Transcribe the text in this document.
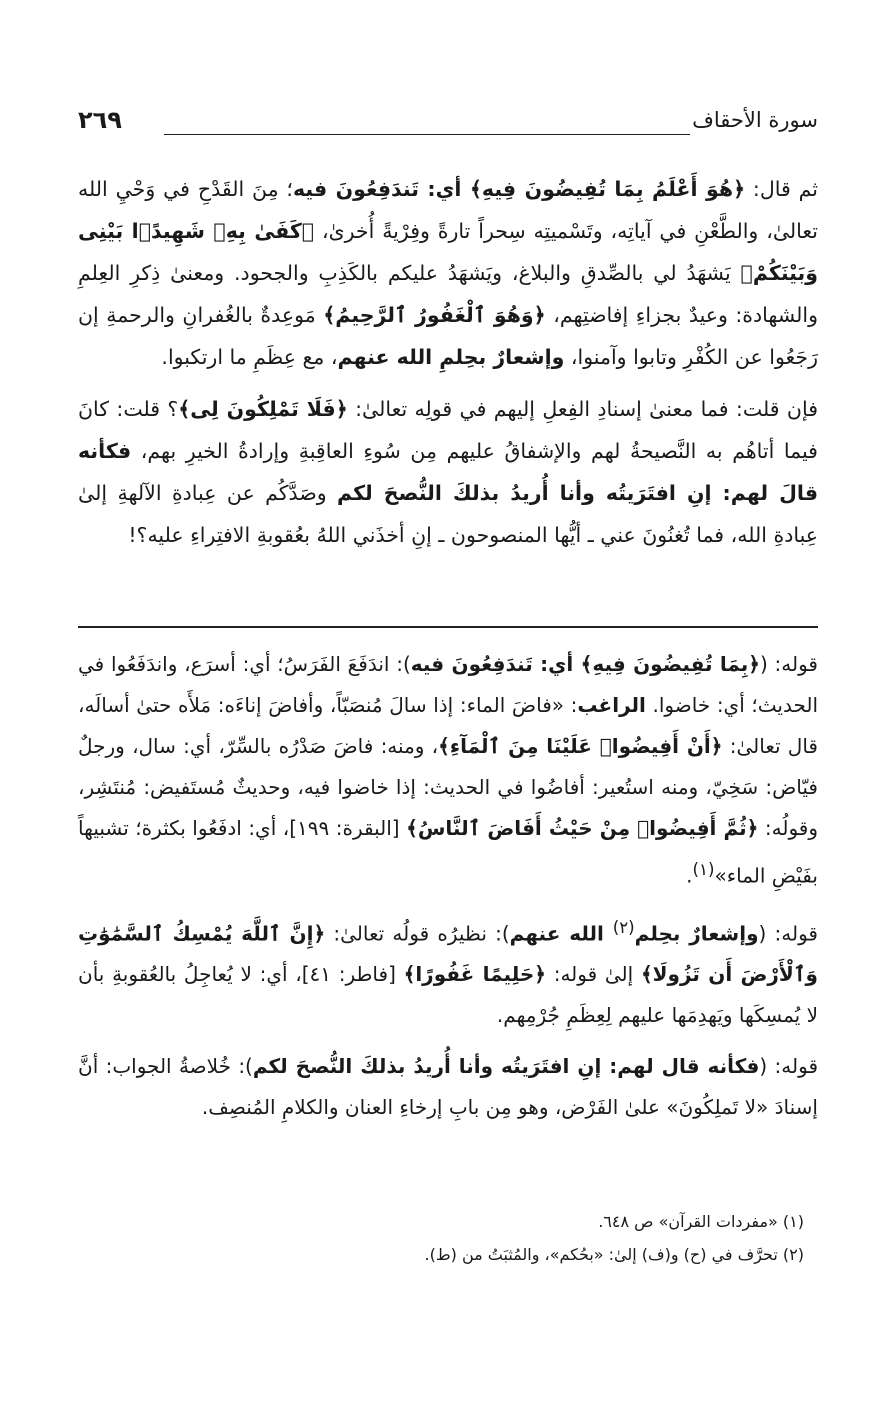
سورة الأحقاف
٢٦٩

ثم قال: ﴿هُوَ أَعْلَمُ بِمَا تُفِيضُونَ فِيهِ﴾ أي: تَندَفِعُونَ فيه؛ مِنَ القَدْحِ في وَحْيِ الله تعالىٰ، والطَّعْنِ في آياتِه، وتَسْميتِه سِحراً تارةً وفِرْيةً أُخرىٰ، ﴿كَفَىٰ بِهِۦ شَهِيدًۢا بَيْنِى وَبَيْنَكُمْ﴾ يَشهَدُ لي بالصِّدقِ والبلاغ، ويَشهَدُ عليكم بالكَذِبِ والجحود. ومعنىٰ ذِكرِ العِلمِ والشهادة: وعيدٌ بجزاءِ إفاضتِهم، ﴿وَهُوَ ٱلْغَفُورُ ٱلرَّحِيمُ﴾ مَوعِدةٌ بالغُفرانِ والرحمةِ إن رَجَعُوا عن الكُفْرِ وتابوا وآمنوا، وإشعارٌ بحِلمِ الله عنهم، مع عِظَمِ ما ارتكبوا.

فإن قلت: فما معنىٰ إسنادِ الفِعلِ إليهم في قولِه تعالىٰ: ﴿فَلَا تَمْلِكُونَ لِى﴾؟ قلت: كانَ فيما أتاهُم به النَّصيحةُ لهم والإشفاقُ عليهم مِن سُوءِ العاقِبةِ وإرادةُ الخيرِ بهم، فكأنه قالَ لهم: إنِ افتَرَيتُه وأنا أُريدُ بذلكَ النُّصحَ لكم وصَدَّكُم عن عِبادةِ الآلهةِ إلىٰ عِبادةِ الله، فما تُغنُونَ عني ـ أيُّها المنصوحون ـ إنِ أخذَني اللهُ بعُقوبةِ الافتِراءِ عليه؟!

قوله: (﴿بِمَا تُفِيضُونَ فِيهِ﴾ أي: تَندَفِعُونَ فيه): اندَفَعَ الفَرَسُ؛ أي: أسرَع، واندَفَعُوا في الحديث؛ أي: خاضوا. الراغب: «فاضَ الماء: إذا سالَ مُنصَبّاً، وأفاضَ إناءَه: مَلأَه حتىٰ أسالَه، قال تعالىٰ: ﴿أَنْ أَفِيضُوا۟ عَلَيْنَا مِنَ ٱلْمَآءِ﴾، ومنه: فاضَ صَدْرُه بالسِّرّ، أي: سال، ورجلٌ فيّاض: سَخِيّ، ومنه استُعير: أفاضُوا في الحديث: إذا خاضوا فيه، وحديثٌ مُستَفيض: مُنتَشِر، وقولُه: ﴿ثُمَّ أَفِيضُوا۟ مِنْ حَيْثُ أَفَاضَ ٱلنَّاسُ﴾ [البقرة: ١٩٩]، أي: ادفَعُوا بكثرة؛ تشبيهاً بفَيْضِ الماء»$^{(١)}$.

قوله: (وإشعارٌ بحِلم$^{(٢)}$ الله عنهم): نظيرُه قولُه تعالىٰ: ﴿إِنَّ ٱللَّهَ يُمْسِكُ ٱلسَّمَٰوَٰتِ وَٱلْأَرْضَ أَن تَزُولَا﴾ إلىٰ قوله: ﴿حَلِيمًا غَفُورًا﴾ [فاطر: ٤١]، أي: لا يُعاجِلُ بالعُقوبةِ بأن لا يُمسِكَها ويَهدِمَها عليهم لِعِظَمِ جُرْمِهم.

قوله: (فكأنه قال لهم: إنِ افتَرَيتُه وأنا أُريدُ بذلكَ النُّصحَ لكم): خُلاصةُ الجواب: أنَّ إسنادَ «لا تَملِكُونَ» علىٰ الفَرْض، وهو مِن بابِ إرخاءِ العنان والكلامِ المُنصِف.

(١) «مفردات القرآن» ص ٦٤٨.

(٢) تحرَّف في (ح) و(ف) إلىٰ: «بحُكم»، والمُثبَتُ من (ط).
